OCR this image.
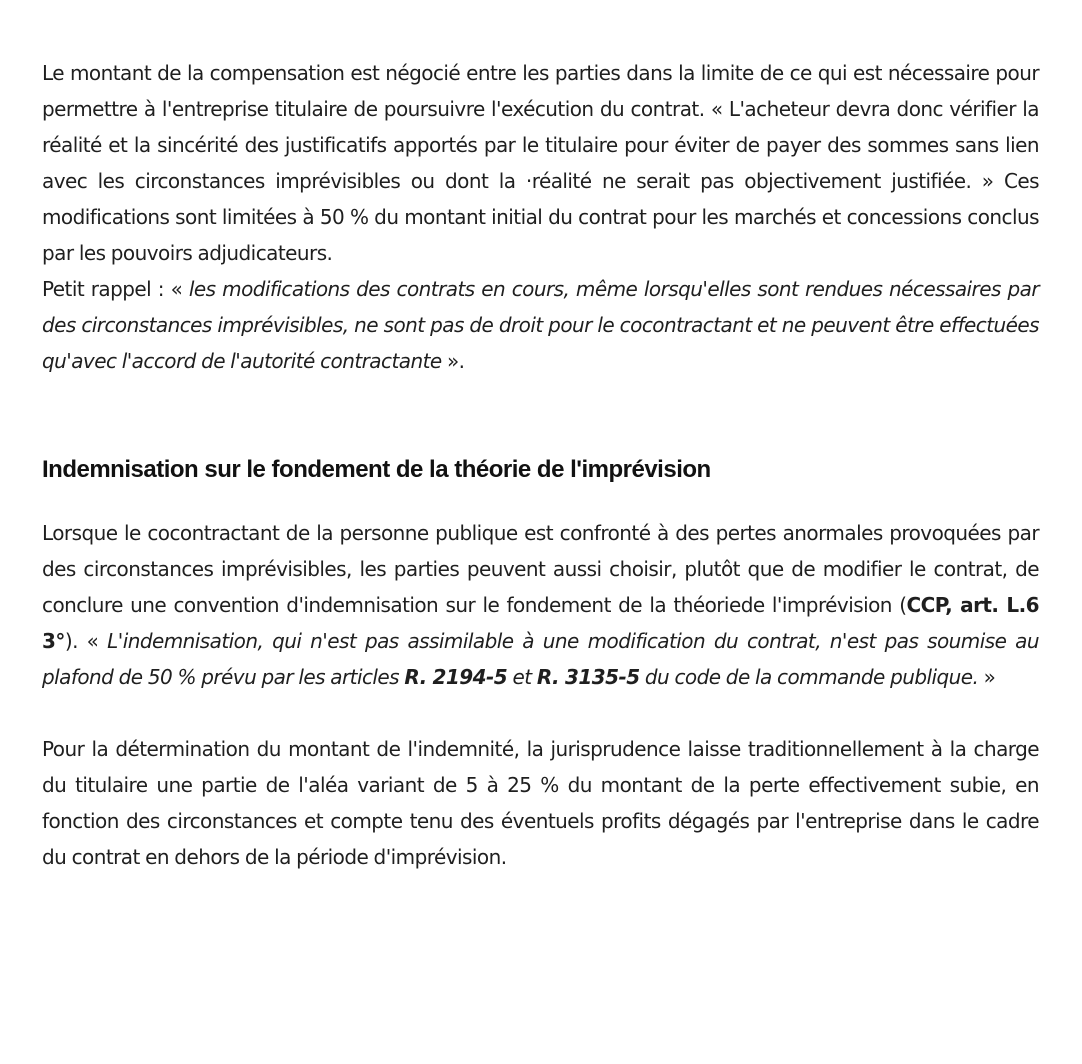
Le montant de la compensation est négocié entre les parties dans la limite de ce qui est nécessaire pour permettre à l'entreprise titulaire de poursuivre l'exécution du contrat. « L'acheteur devra donc vérifier la réalité et la sincérité des justificatifs apportés par le titulaire pour éviter de payer des sommes sans lien avec les circonstances imprévisibles ou dont la ·réalité ne serait pas objectivement justifiée. » Ces modifications sont limitées à 50 % du montant initial du contrat pour les marchés et concessions conclus par les pouvoirs adjudicateurs.

Petit rappel : « les modifications des contrats en cours, même lorsqu'elles sont rendues nécessaires par des circonstances imprévisibles, ne sont pas de droit pour le cocontractant et ne peuvent être effectuées qu'avec l'accord de l'autorité contractante ».

Indemnisation sur le fondement de la théorie de l'imprévision

Lorsque le cocontractant de la personne publique est confronté à des pertes anormales provoquées par des circonstances imprévisibles, les parties peuvent aussi choisir, plutôt que de modifier le contrat, de conclure une convention d'indemnisation sur le fondement de la théoriede l'imprévision (CCP, art. L.6 3°). « L'indemnisation, qui n'est pas assimilable à une modification du contrat, n'est pas soumise au plafond de 50 % prévu par les articles R. 2194-5 et R. 3135-5 du code de la commande publique. »

Pour la détermination du montant de l'indemnité, la jurisprudence laisse traditionnellement à la charge du titulaire une partie de l'aléa variant de 5 à 25 % du montant de la perte effectivement subie, en fonction des circonstances et compte tenu des éventuels profits dégagés par l'entreprise dans le cadre du contrat en dehors de la période d'imprévision.
